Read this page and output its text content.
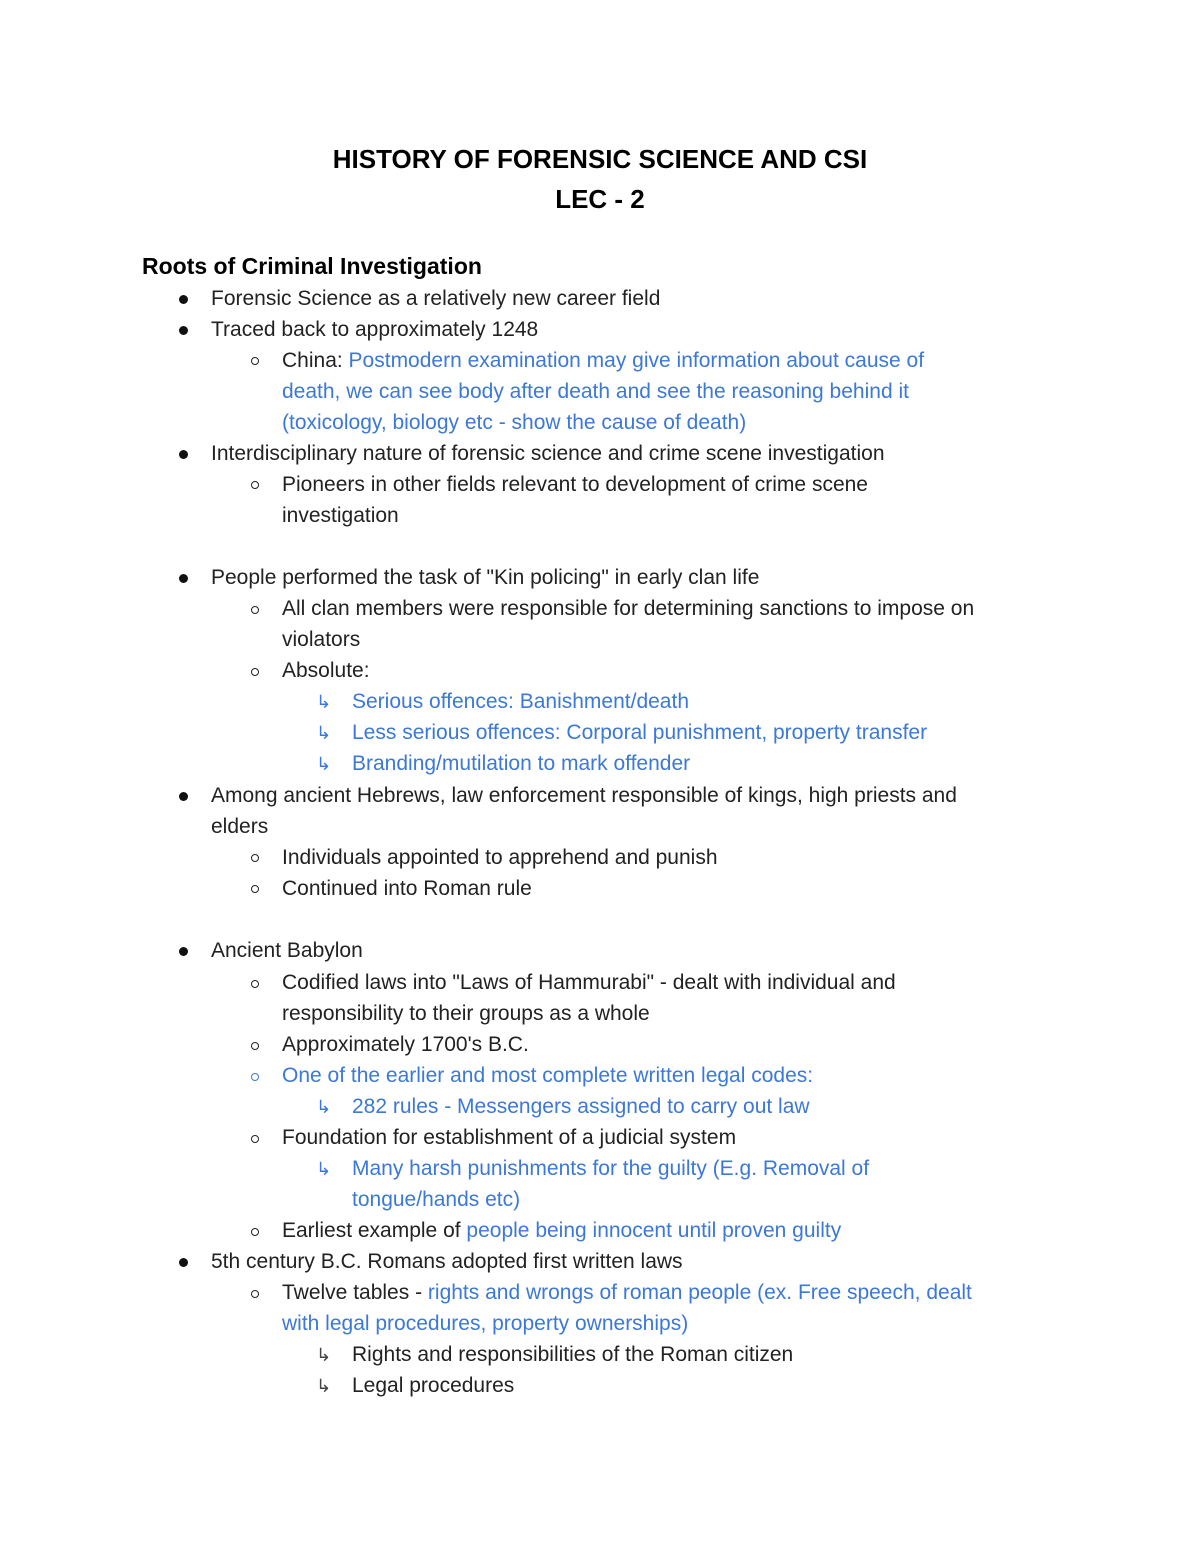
HISTORY OF FORENSIC SCIENCE AND CSI
LEC - 2
Roots of Criminal Investigation
Forensic Science as a relatively new career field
Traced back to approximately 1248
China: Postmodern examination may give information about cause of
death, we can see body after death and see the reasoning behind it
(toxicology, biology etc - show the cause of death)
Interdisciplinary nature of forensic science and crime scene investigation
Pioneers in other fields relevant to development of crime scene
investigation
People performed the task of "Kin policing" in early clan life
All clan members were responsible for determining sanctions to impose on
violators
Absolute:
↳ Serious offences: Banishment/death
↳ Less serious offences: Corporal punishment, property transfer
↳ Branding/mutilation to mark offender
Among ancient Hebrews, law enforcement responsible of kings, high priests and
elders
Individuals appointed to apprehend and punish
Continued into Roman rule
Ancient Babylon
Codified laws into "Laws of Hammurabi" - dealt with individual and
responsibility to their groups as a whole
Approximately 1700's B.C.
One of the earlier and most complete written legal codes:
↳ 282 rules - Messengers assigned to carry out law
Foundation for establishment of a judicial system
↳ Many harsh punishments for the guilty (E.g. Removal of
tongue/hands etc)
Earliest example of people being innocent until proven guilty
5th century B.C. Romans adopted first written laws
Twelve tables - rights and wrongs of roman people (ex. Free speech, dealt
with legal procedures, property ownerships)
↳ Rights and responsibilities of the Roman citizen
↳ Legal procedures
